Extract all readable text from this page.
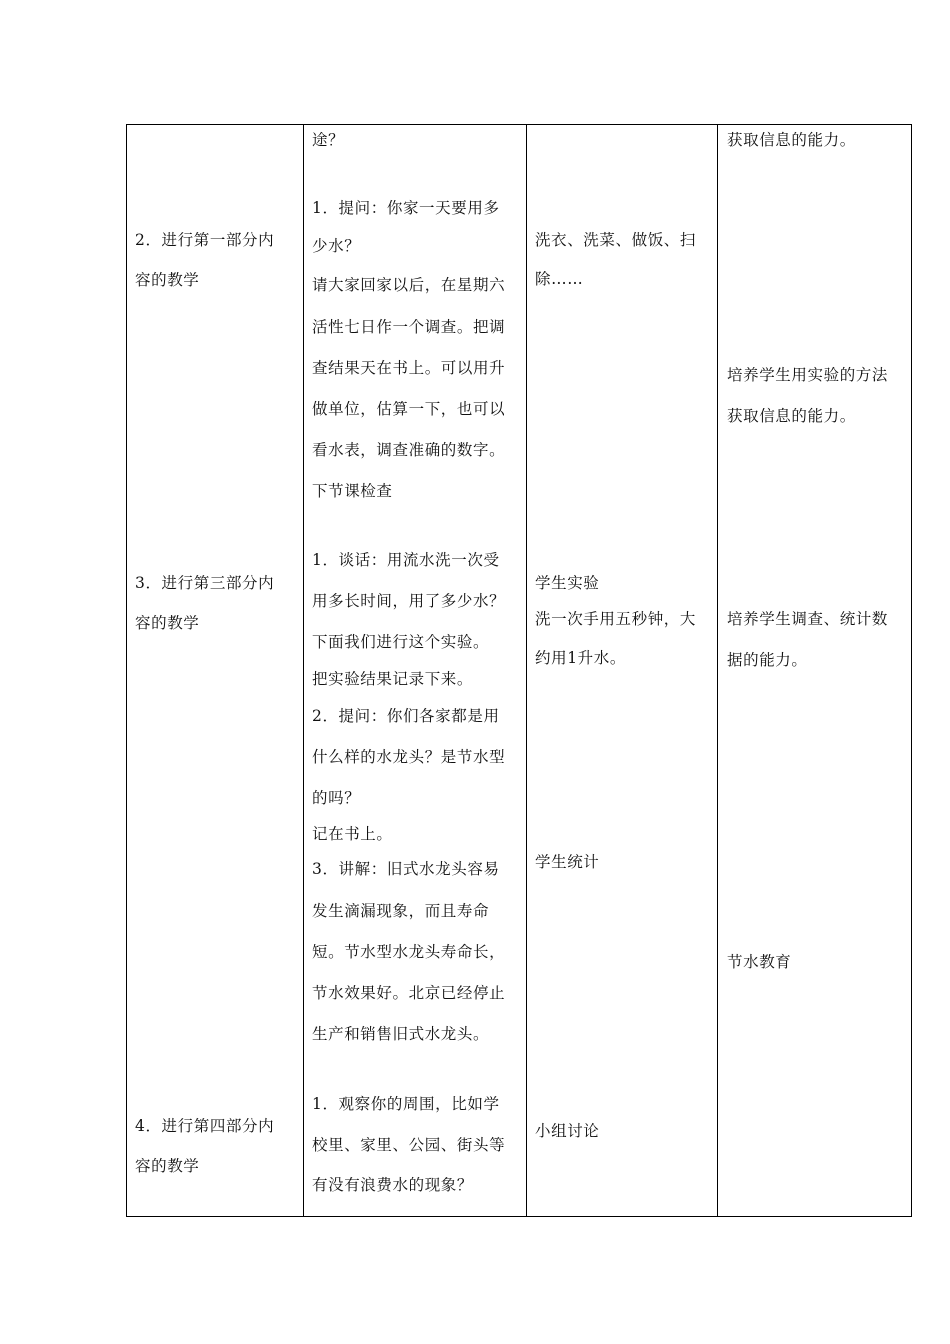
2．进行第一部分内
容的教学
3．进行第三部分内
容的教学
4．进行第四部分内
容的教学
途？
1．提问：你家一天要用多
少水？
请大家回家以后，在星期六
活性七日作一个调查。把调
查结果天在书上。可以用升
做单位，估算一下，也可以
看水表，调查准确的数字。
下节课检查
1．谈话：用流水洗一次受
用多长时间，用了多少水？
下面我们进行这个实验。
把实验结果记录下来。
2．提问：你们各家都是用
什么样的水龙头？是节水型
的吗？
记在书上。
3．讲解：旧式水龙头容易
发生滴漏现象，而且寿命
短。节水型水龙头寿命长，
节水效果好。北京已经停止
生产和销售旧式水龙头。
1．观察你的周围，比如学
校里、家里、公园、街头等
有没有浪费水的现象？
洗衣、洗菜、做饭、扫
除……
学生实验
洗一次手用五秒钟，大
约用1升水。
学生统计
小组讨论
获取信息的能力。
培养学生用实验的方法
获取信息的能力。
培养学生调查、统计数
据的能力。
节水教育
